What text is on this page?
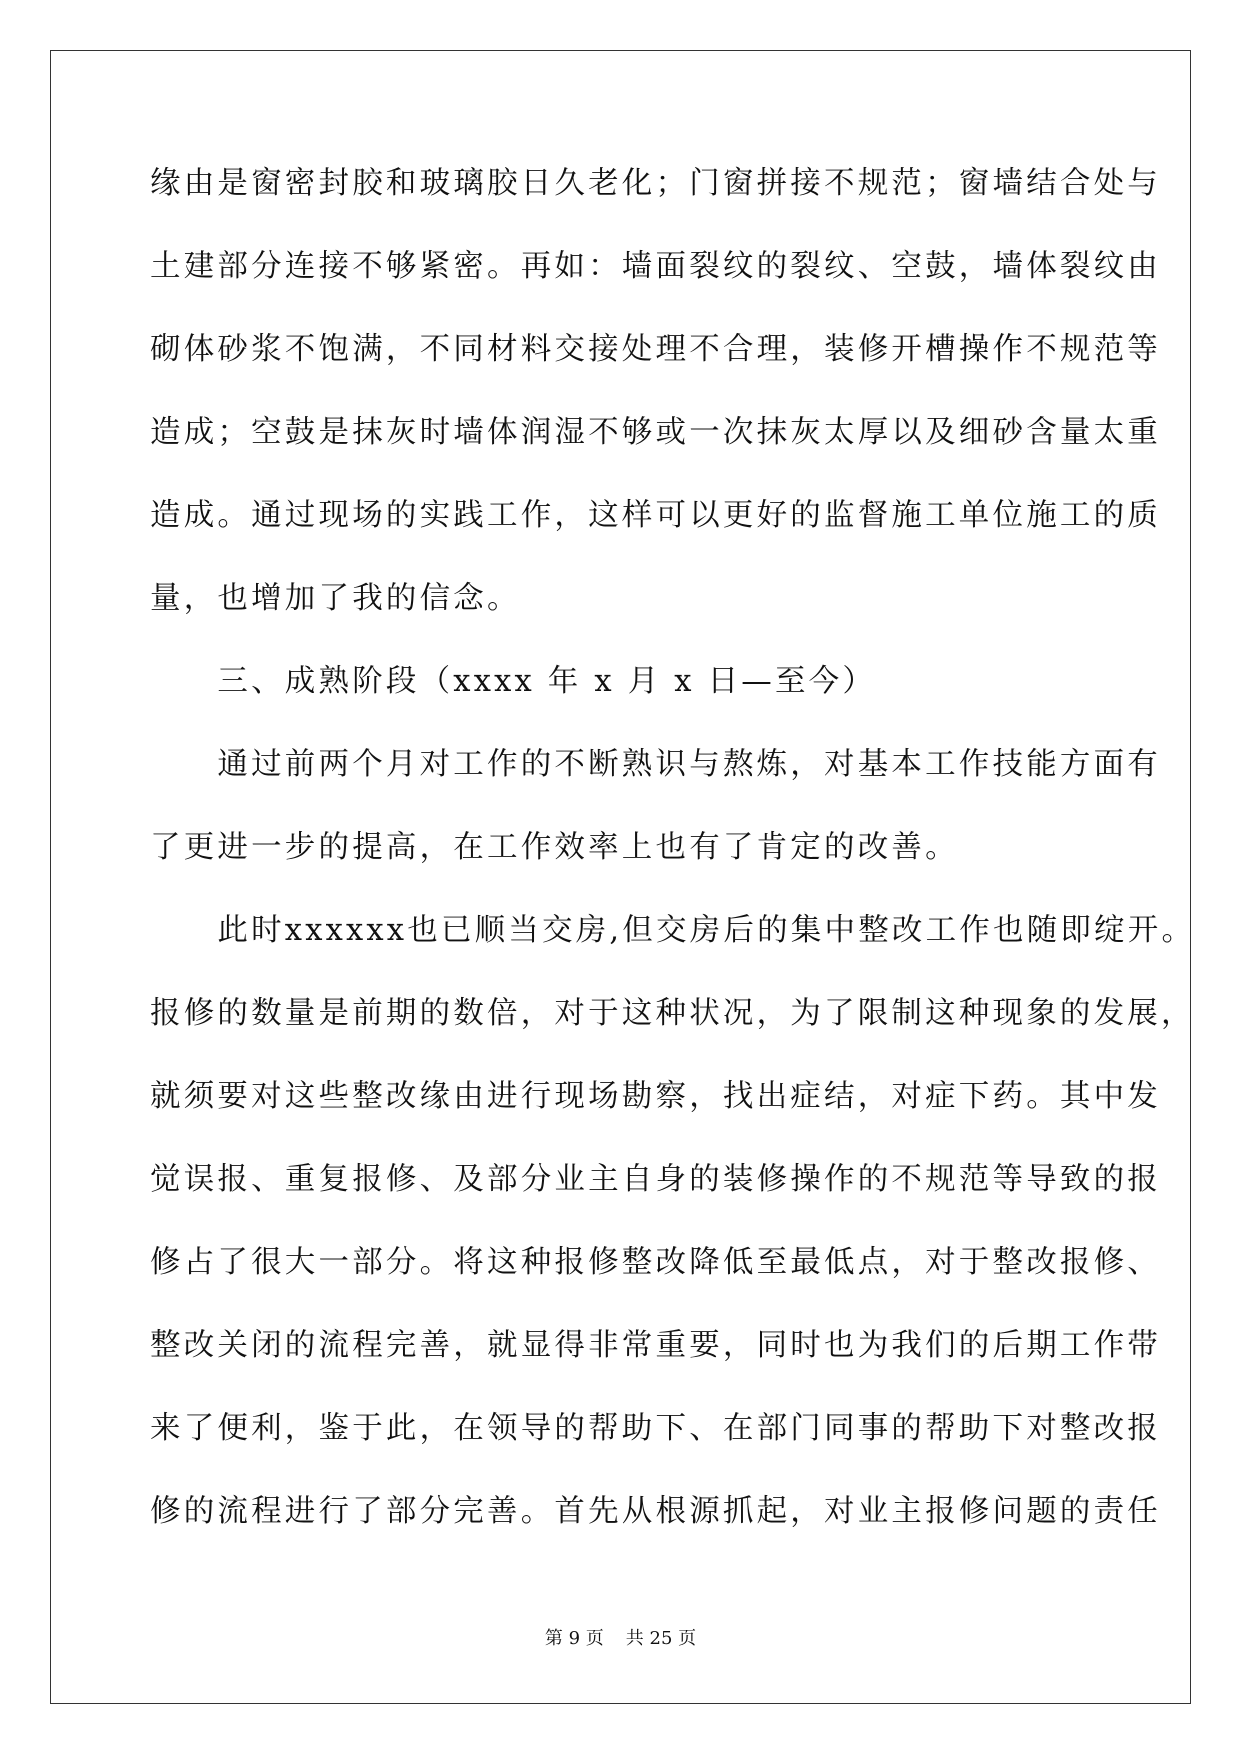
缘由是窗密封胶和玻璃胶日久老化；门窗拼接不规范；窗墙结合处与
土建部分连接不够紧密。再如：墙面裂纹的裂纹、空鼓，墙体裂纹由
砌体砂浆不饱满，不同材料交接处理不合理，装修开槽操作不规范等
造成；空鼓是抹灰时墙体润湿不够或一次抹灰太厚以及细砂含量太重
造成。通过现场的实践工作，这样可以更好的监督施工单位施工的质
量，也增加了我的信念。
　　三、成熟阶段（xxxx 年 x 月 x 日—至今）
　　通过前两个月对工作的不断熟识与熬炼，对基本工作技能方面有
了更进一步的提高，在工作效率上也有了肯定的改善。
　　此时xxxxxx也已顺当交房,但交房后的集中整改工作也随即绽开。
报修的数量是前期的数倍，对于这种状况，为了限制这种现象的发展，
就须要对这些整改缘由进行现场勘察，找出症结，对症下药。其中发
觉误报、重复报修、及部分业主自身的装修操作的不规范等导致的报
修占了很大一部分。将这种报修整改降低至最低点，对于整改报修、
整改关闭的流程完善，就显得非常重要，同时也为我们的后期工作带
来了便利，鉴于此，在领导的帮助下、在部门同事的帮助下对整改报
修的流程进行了部分完善。首先从根源抓起，对业主报修问题的责任
第 9 页 共 25 页
